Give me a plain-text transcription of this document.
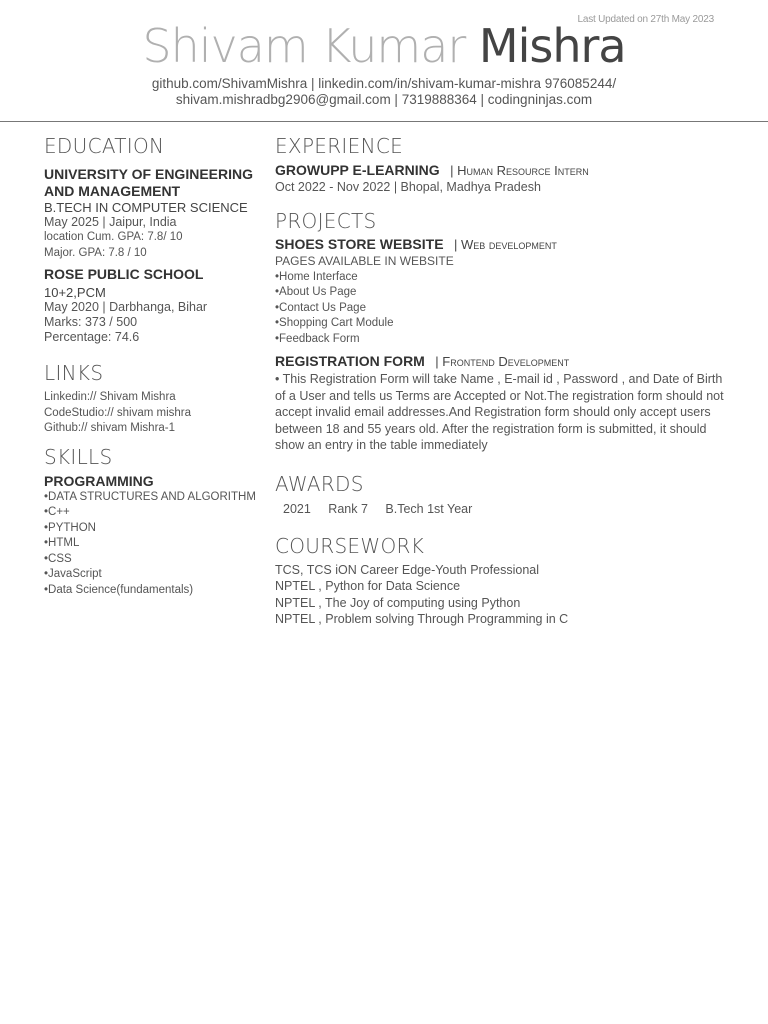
Last Updated on 27th May 2023
Shivam Kumar Mishra
github.com/ShivamMishra | linkedin.com/in/shivam-kumar-mishra 976085244/
shivam.mishradbg2906@gmail.com | 7319888364 | codingninjas.com
EDUCATION
UNIVERSITY OF ENGINEERING AND MANAGEMENT
B.TECH IN COMPUTER SCIENCE
May 2025 | Jaipur, India
location Cum. GPA: 7.8/ 10
Major. GPA: 7.8 / 10
ROSE PUBLIC SCHOOL
10+2,PCM
May 2020 | Darbhanga, Bihar
Marks: 373 / 500
Percentage: 74.6
LINKS
Linkedin:// Shivam Mishra
CodeStudio:// shivam mishra
Github:// shivam Mishra-1
SKILLS
PROGRAMMING
• DATA STRUCTURES AND ALGORITHM
• C++
• PYTHON
• HTML
• CSS
• JavaScript
• Data Science(fundamentals)
EXPERIENCE
GROWUPP E-LEARNING | Human Resource Intern
Oct 2022 - Nov 2022 | Bhopal, Madhya Pradesh
PROJECTS
SHOES STORE WEBSITE | Web development
PAGES AVAILABLE IN WEBSITE
• Home Interface
• About Us Page
• Contact Us Page
• Shopping Cart Module
• Feedback Form
REGISTRATION FORM | Frontend Development
• This Registration Form will take Name , E-mail id , Password , and Date of Birth of a User and tells us Terms are Accepted or Not.The registration form should not accept invalid email addresses.And Registration form should only accept users between 18 and 55 years old. After the registration form is submitted, it should show an entry in the table immediately
AWARDS
2021 Rank 7 B.Tech 1st Year
COURSEWORK
TCS, TCS iON Career Edge-Youth Professional
NPTEL , Python for Data Science
NPTEL , The Joy of computing using Python
NPTEL , Problem solving Through Programming in C
